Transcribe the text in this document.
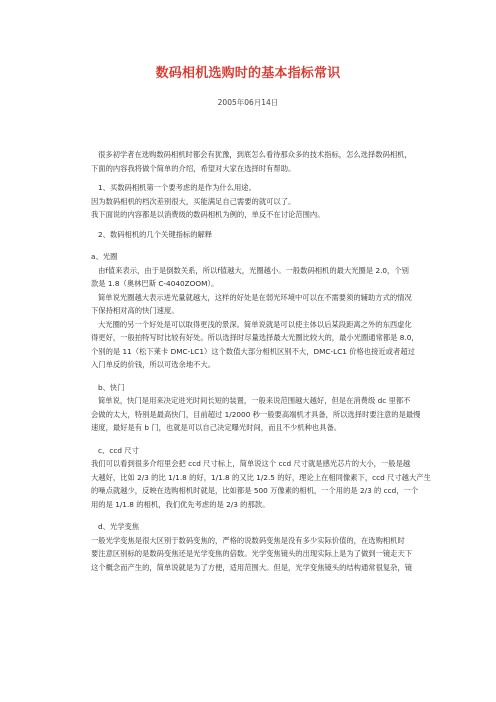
数码相机选购时的基本指标常识
2005年06月14日

很多初学者在选购数码相机时都会有犹豫，到底怎么看待那众多的技术指标，怎么选择数码相机，

下面的内容我将做个简单的介绍，希望对大家在选择时有帮助。

1、买数码相机第一个要考虑的是作为什么用途。

因为数码相机的档次差别很大，买能满足自己需要的就可以了。

我下面说的内容都是以消费级的数码相机为例的，单反不在讨论范围内。

2、数码相机的几个关键指标的解释

a、光圈

由f值来表示，由于是倒数关系，所以f值越大，光圈越小。一般数码相机的最大光圈是 2.0，个别

款是 1.8（奥林巴斯 C-4040ZOOM）。

简单说光圈越大表示进光量就越大，这样的好处是在弱光环境中可以在不需要须的辅助方式的情况

下保持相对高的快门速度。

大光圈的另一个好处是可以取得更浅的景深。简单说就是可以使主体以后某段距离之外的东西虚化

得更好，一般拍特写时比较有好处。所以选择时尽量选择最大光圈比较大的，最小光圈通常都是 8.0，

个别的是 11（松下莱卡 DMC-LC1）这个数值大部分相机区别不大，DMC-LC1 价格也接近或者超过

入门单反的价钱，所以可选余地不大。

b、快门

简单说，快门是用来决定进光时间长短的装置，一般来说范围越大越好，但是在消费级 dc 里都不

会做的太大，特别是最高快门，目前超过 1/2000 秒一般要高端机才具备，所以选择时要注意的是最慢

速度，最好是有 b 门，也就是可以自己决定曝光时间，而且不少机种也具备。

c、ccd 尺寸

我们可以看到很多介绍里会把 ccd 尺寸标上，简单说这个 ccd 尺寸就是感光芯片的大小，一般是越

大越好，比如 2/3 的比 1/1.8 的好，1/1.8 的又比 1/2.5 的好，理论上在相同像素下，ccd 尺寸越大产生

的噪点就越少，反映在选购相机时就是，比如都是 500 万像素的相机，一个用的是 2/3 的 ccd，一个

用的是 1/1.8 的相机，我们优先考虑的是 2/3 的那款。

d、光学变焦

一般光学变焦是很大区别于数码变焦的，严格的说数码变焦是没有多少实际价值的，在选购相机时

要注意区别标的是数码变焦还是光学变焦的倍数。光学变焦镜头的出现实际上是为了做到一镜走天下

这个概念而产生的，简单说就是为了方便，适用范围大。但是，光学变焦镜头的结构通常很复杂，镜
